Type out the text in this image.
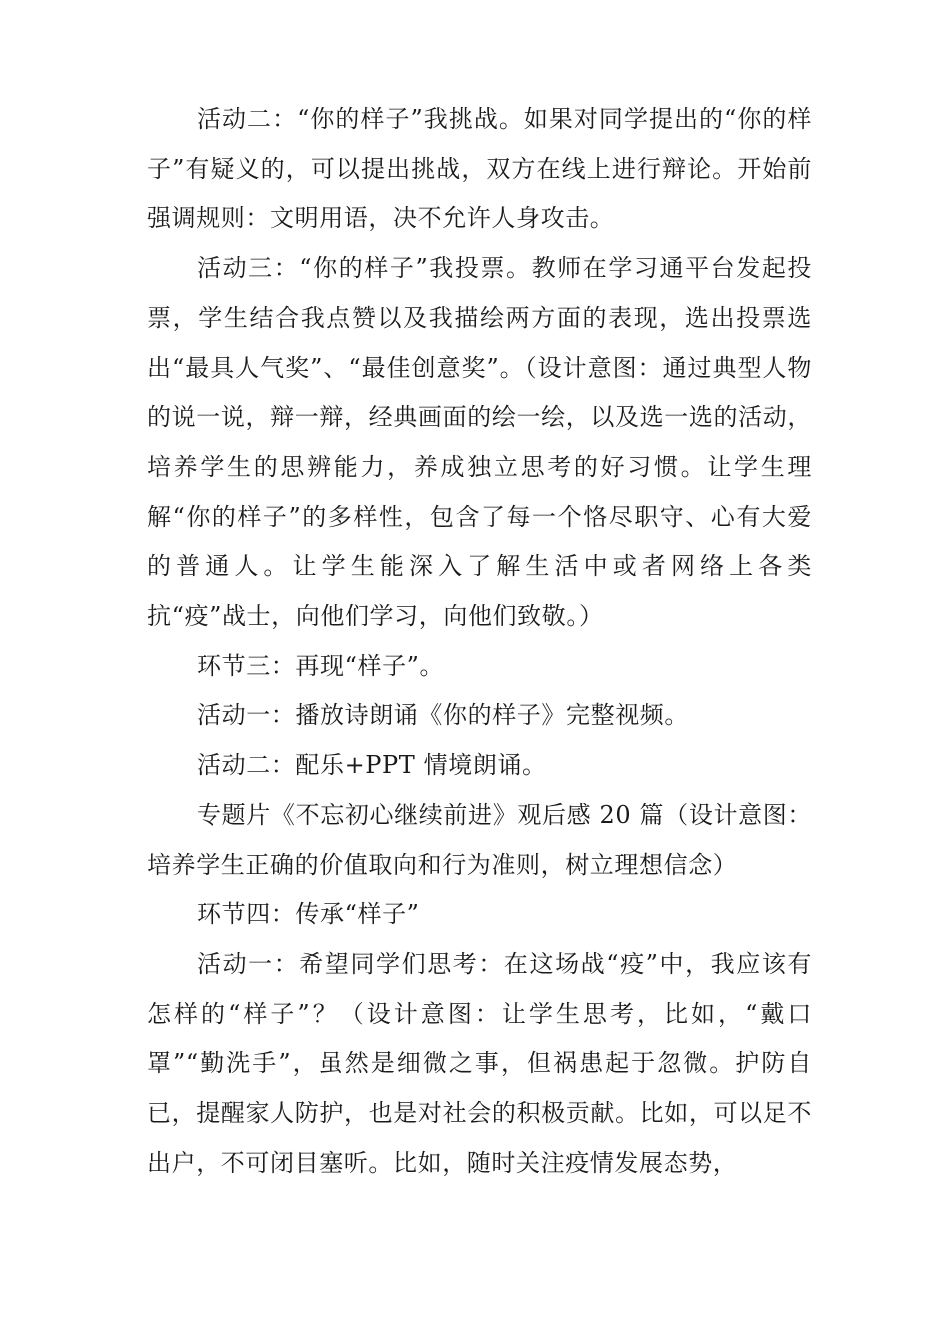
活动二：“你的样子”我挑战。如果对同学提出的“你的样子”有疑义的，可以提出挑战，双方在线上进行辩论。开始前强调规则：文明用语，决不允许人身攻击。

活动三：“你的样子”我投票。教师在学习通平台发起投票，学生结合我点赞以及我描绘两方面的表现，选出投票选出“最具人气奖”、“最佳创意奖”。（设计意图：通过典型人物的说一说，辩一辩，经典画面的绘一绘，以及选一选的活动，培养学生的思辨能力，养成独立思考的好习惯。让学生理解“你的样子”的多样性，包含了每一个恪尽职守、心有大爱的普通人。让学生能深入了解生活中或者网络上各类抗“疫”战士，向他们学习，向他们致敬。）

环节三：再现“样子”。

活动一：播放诗朗诵《你的样子》完整视频。

活动二：配乐+PPT 情境朗诵。

专题片《不忘初心继续前进》观后感 20 篇（设计意图：培养学生正确的价值取向和行为准则，树立理想信念）

环节四：传承“样子”

活动一：希望同学们思考：在这场战“疫”中，我应该有怎样的“样子”？（设计意图：让学生思考，比如，“戴口罩”“勤洗手”，虽然是细微之事，但祸患起于忽微。护防自已，提醒家人防护，也是对社会的积极贡献。比如，可以足不出户，不可闭目塞听。比如，随时关注疫情发展态势，
